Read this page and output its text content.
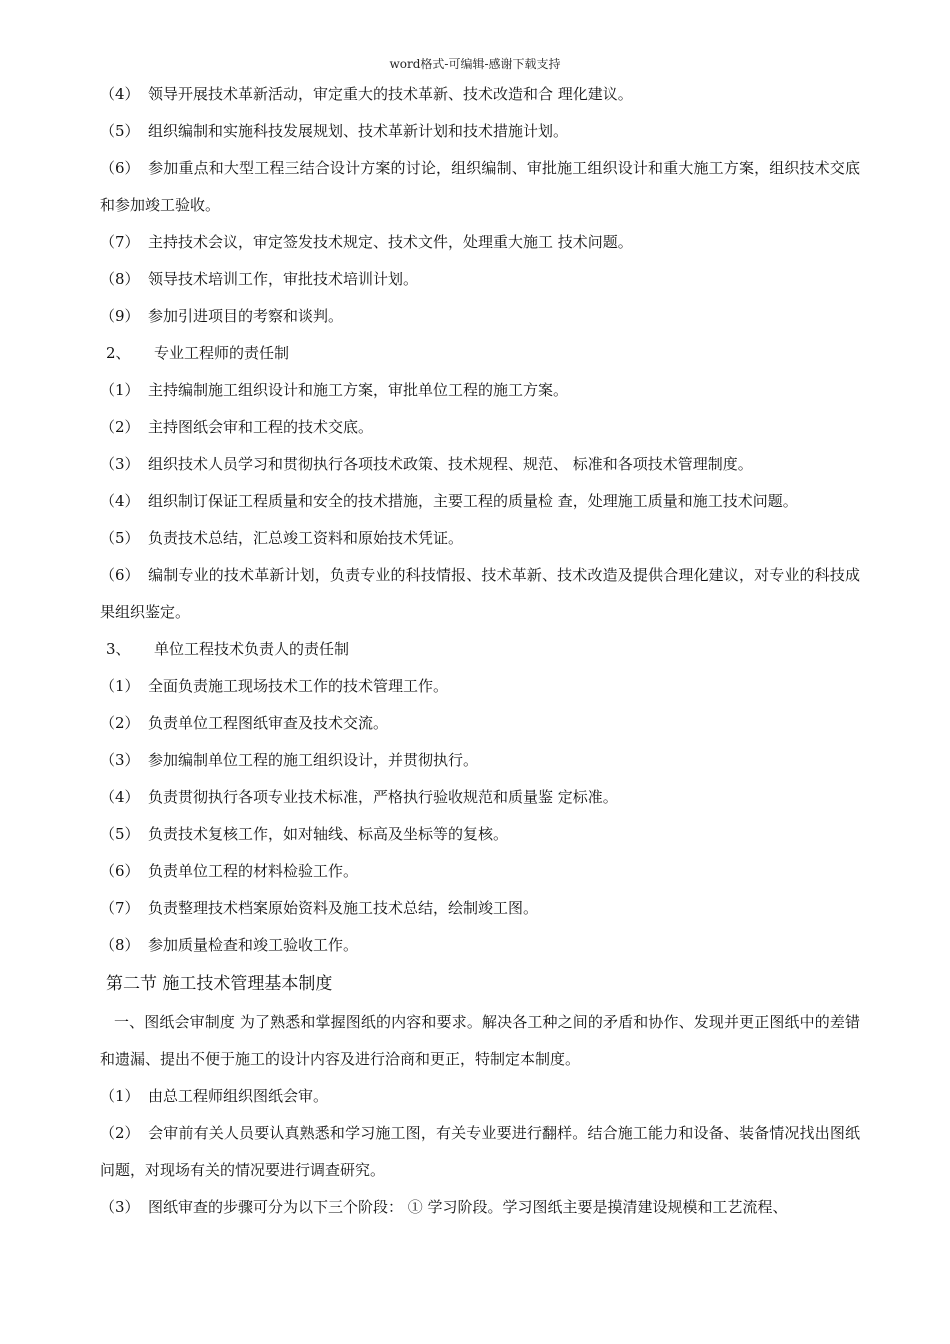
word格式-可编辑-感谢下载支持

（4） 领导开展技术革新活动，审定重大的技术革新、技术改造和合 理化建议。

（5） 组织编制和实施科技发展规划、技术革新计划和技术措施计划。

（6） 参加重点和大型工程三结合设计方案的讨论，组织编制、审批施工组织设计和重大施工方案，组织技术交底和参加竣工验收。

（7） 主持技术会议，审定签发技术规定、技术文件，处理重大施工 技术问题。

（8） 领导技术培训工作，审批技术培训计划。

（9） 参加引进项目的考察和谈判。

2、 专业工程师的责任制

（1） 主持编制施工组织设计和施工方案，审批单位工程的施工方案。

（2） 主持图纸会审和工程的技术交底。

（3） 组织技术人员学习和贯彻执行各项技术政策、技术规程、规范、 标准和各项技术管理制度。

（4） 组织制订保证工程质量和安全的技术措施，主要工程的质量检 查，处理施工质量和施工技术问题。

（5） 负责技术总结，汇总竣工资料和原始技术凭证。

（6） 编制专业的技术革新计划，负责专业的科技情报、技术革新、技术改造及提供合理化建议，对专业的科技成果组织鉴定。

3、 单位工程技术负责人的责任制

（1） 全面负责施工现场技术工作的技术管理工作。

（2） 负责单位工程图纸审查及技术交流。

（3） 参加编制单位工程的施工组织设计，并贯彻执行。

（4） 负责贯彻执行各项专业技术标准，严格执行验收规范和质量鉴 定标准。

（5） 负责技术复核工作，如对轴线、标高及坐标等的复核。

（6） 负责单位工程的材料检验工作。

（7） 负责整理技术档案原始资料及施工技术总结，绘制竣工图。

（8） 参加质量检查和竣工验收工作。

第二节 施工技术管理基本制度

一、图纸会审制度 为了熟悉和掌握图纸的内容和要求。解决各工种之间的矛盾和协作、发现并更正图纸中的差错和遗漏、提出不便于施工的设计内容及进行洽商和更正，特制定本制度。

（1） 由总工程师组织图纸会审。

（2） 会审前有关人员要认真熟悉和学习施工图，有关专业要进行翻样。结合施工能力和设备、装备情况找出图纸问题，对现场有关的情况要进行调查研究。

（3） 图纸审查的步骤可分为以下三个阶段： ① 学习阶段。学习图纸主要是摸清建设规模和工艺流程、
